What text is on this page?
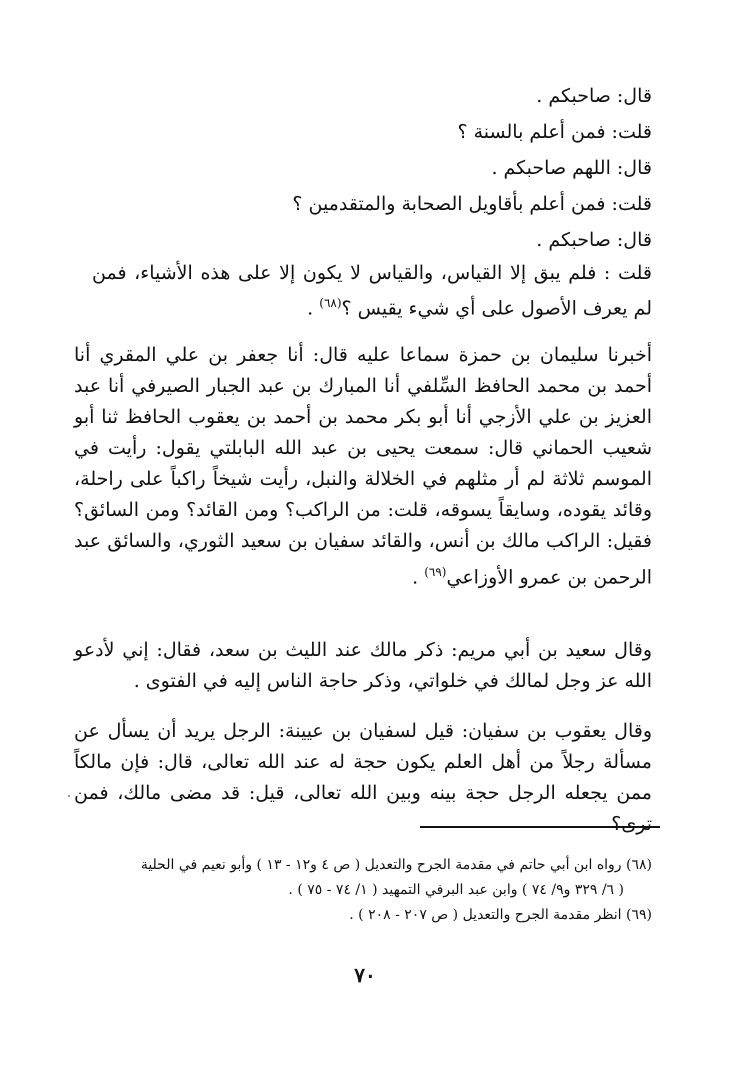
قال: صاحبكم .
قلت: فمن أعلم بالسنة ؟
قال: اللهم صاحبكم .
قلت: فمن أعلم بأقاويل الصحابة والمتقدمين ؟
قال: صاحبكم .
قلت : فلم يبق إلا القياس، والقياس لا يكون إلا على هذه الأشياء، فمن لم يعرف الأصول على أي شيء يقيس ؟$^{(٦٨)}$ .
أخبرنا سليمان بن حمزة سماعا عليه قال: أنا جعفر بن علي المقري أنا أحمد بن محمد الحافظ السِّلفي أنا المبارك بن عبد الجبار الصيرفي أنا عبد العزيز بن علي الأزجي أنا أبو بكر محمد بن أحمد بن يعقوب الحافظ ثنا أبو شعيب الحماني قال: سمعت يحيى بن عبد الله البابلتي يقول: رأيت في الموسم ثلاثة لم أر مثلهم في الخلالة والنبل، رأيت شيخاً راكباً على راحلة، وقائد يقوده، وسايقاً يسوقه، قلت: من الراكب؟ ومن القائد؟ ومن السائق؟ فقيل: الراكب مالك بن أنس، والقائد سفيان بن سعيد الثوري، والسائق عبد الرحمن بن عمرو الأوزاعي$^{(٦٩)}$ .
وقال سعيد بن أبي مريم: ذكر مالك عند الليث بن سعد، فقال: إني لأدعو الله عز وجل لمالك في خلواتي، وذكر حاجة الناس إليه في الفتوى .
وقال يعقوب بن سفيان: قيل لسفيان بن عيينة: الرجل يريد أن يسأل عن مسألة رجلاً من أهل العلم يكون حجة له عند الله تعالى، قال: فإن مالكاً ممن يجعله الرجل حجة بينه وبين الله تعالى، قيل: قد مضى مالك، فمن ترى؟
(٦٨) رواه ابن أبي حاتم في مقدمة الجرح والتعديل ( ص ٤ و١٢ - ١٣ ) وأبو نعيم في الحلية
( ٦/ ٣٢٩ و٩/ ٧٤ ) وابن عبد البرفي التمهيد ( ١/ ٧٤ - ٧٥ ) .
(٦٩) انظر مقدمة الجرح والتعديل ( ص ٢٠٧ - ٢٠٨ ) .
٧٠
